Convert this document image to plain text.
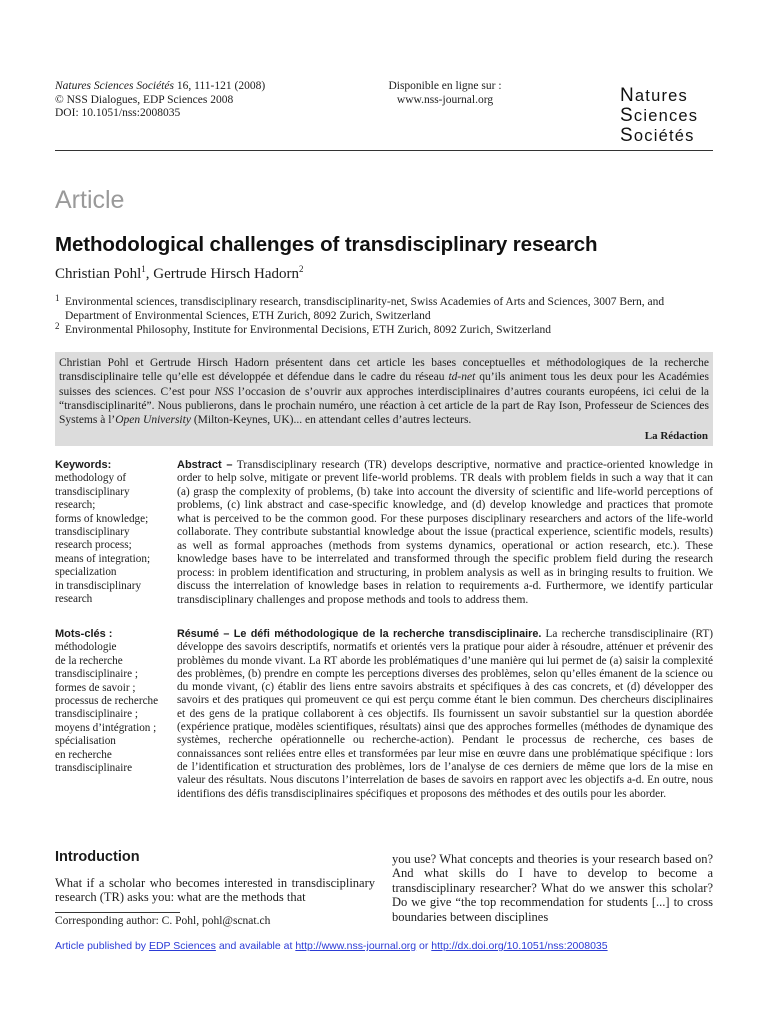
Natures Sciences Sociétés 16, 111-121 (2008)
© NSS Dialogues, EDP Sciences 2008
DOI: 10.1051/nss:2008035
Disponible en ligne sur :
www.nss-journal.org	Natures
Sciences
Sociétés
Article
Methodological challenges of transdisciplinary research
Christian Pohl$^1$, Gertrude Hirsch Hadorn$^2$
1 Environmental sciences, transdisciplinary research, transdisciplinarity-net, Swiss Academies of Arts and Sciences, 3007 Bern, and Department of Environmental Sciences, ETH Zurich, 8092 Zurich, Switzerland
2 Environmental Philosophy, Institute for Environmental Decisions, ETH Zurich, 8092 Zurich, Switzerland
Christian Pohl et Gertrude Hirsch Hadorn présentent dans cet article les bases conceptuelles et méthodologiques de la recherche transdisciplinaire telle qu’elle est développée et défendue dans le cadre du réseau td-net qu’ils animent tous les deux pour les Académies suisses des sciences. C’est pour NSS l’occasion de s’ouvrir aux approches interdisciplinaires d’autres courants européens, ici celui de la “transdisciplinarité”. Nous publierons, dans le prochain numéro, une réaction à cet article de la part de Ray Ison, Professeur de Sciences des Systems à l’Open University (Milton-Keynes, UK)... en attendant celles d’autres lecteurs.
La Rédaction
Keywords:
methodology of
transdisciplinary
research;
forms of knowledge;
transdisciplinary
research process;
means of integration;
specialization
in transdisciplinary
research
Abstract – Transdisciplinary research (TR) develops descriptive, normative and practice-oriented knowledge in order to help solve, mitigate or prevent life-world problems. TR deals with problem fields in such a way that it can (a) grasp the complexity of problems, (b) take into account the diversity of scientific and life-world perceptions of problems, (c) link abstract and case-specific knowledge, and (d) develop knowledge and practices that promote what is perceived to be the common good. For these purposes disciplinary researchers and actors of the life-world collaborate. They contribute substantial knowledge about the issue (practical experience, scientific models, results) as well as formal approaches (methods from systems dynamics, operational or action research, etc.). These knowledge bases have to be interrelated and transformed through the specific problem field during the research process: in problem identification and structuring, in problem analysis as well as in bringing results to fruition. We discuss the interrelation of knowledge bases in relation to requirements a-d. Furthermore, we identify particular transdisciplinary challenges and propose methods and tools to address them.
Mots-clés :
méthodologie
de la recherche
transdisciplinaire ;
formes de savoir ;
processus de recherche
transdisciplinaire ;
moyens d’intégration ;
spécialisation
en recherche
transdisciplinaire
Résumé – Le défi méthodologique de la recherche transdisciplinaire. La recherche transdisciplinaire (RT) développe des savoirs descriptifs, normatifs et orientés vers la pratique pour aider à résoudre, atténuer et prévenir des problèmes du monde vivant. La RT aborde les problématiques d’une manière qui lui permet de (a) saisir la complexité des problèmes, (b) prendre en compte les perceptions diverses des problèmes, selon qu’elles émanent de la science ou du monde vivant, (c) établir des liens entre savoirs abstraits et spécifiques à des cas concrets, et (d) développer des savoirs et des pratiques qui promeuvent ce qui est perçu comme étant le bien commun. Des chercheurs disciplinaires et des gens de la pratique collaborent à ces objectifs. Ils fournissent un savoir substantiel sur la question abordée (expérience pratique, modèles scientifiques, résultats) ainsi que des approches formelles (méthodes de dynamique des systèmes, recherche opérationnelle ou recherche-action). Pendant le processus de recherche, ces bases de connaissances sont reliées entre elles et transformées par leur mise en œuvre dans une problématique spécifique : lors de l’identification et structuration des problèmes, lors de l’analyse de ces derniers de même que lors de la mise en valeur des résultats. Nous discutons l’interrelation de bases de savoirs en rapport avec les objectifs a-d. En outre, nous identifions des défis transdisciplinaires spécifiques et proposons des méthodes et des outils pour les aborder.
Introduction
What if a scholar who becomes interested in transdisciplinary research (TR) asks you: what are the methods that
you use? What concepts and theories is your research based on? And what skills do I have to develop to become a transdisciplinary researcher? What do we answer this scholar? Do we give “the top recommendation for students [...] to cross boundaries between disciplines
Corresponding author: C. Pohl, pohl@scnat.ch
Article published by EDP Sciences and available at http://www.nss-journal.org or http://dx.doi.org/10.1051/nss:2008035
